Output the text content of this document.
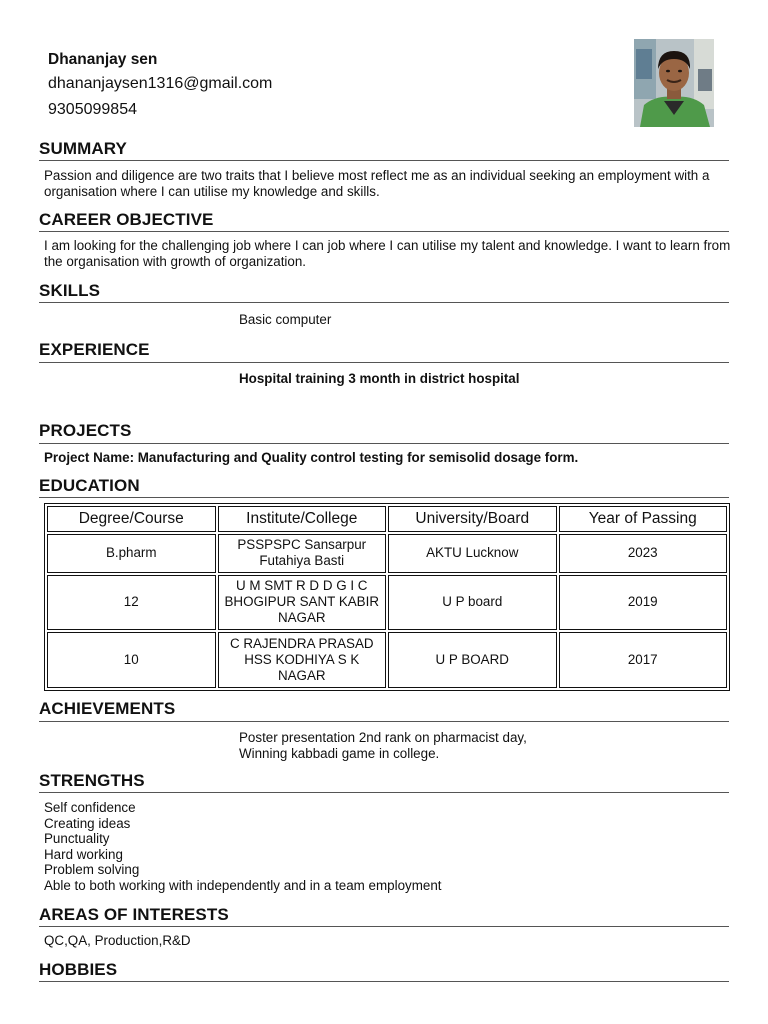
Dhananjay sen
dhananjaysen1316@gmail.com
9305099854
SUMMARY
Passion and diligence are two traits that I believe most reflect me as an individual seeking an employment with a organisation where I can utilise my knowledge and skills.
CAREER OBJECTIVE
I am looking for the challenging job where I can job where I can utilise my talent and knowledge. I want to learn from the organisation with growth of organization.
SKILLS
Basic computer
EXPERIENCE
Hospital training 3 month in district hospital
PROJECTS
Project Name: Manufacturing and Quality control testing for semisolid dosage form.
EDUCATION
Degree/Course	Institute/College	University/Board	Year of Passing
B.pharm	PSSPSPC Sansarpur Futahiya Basti	AKTU Lucknow	2023
12	U M SMT R D D G I C BHOGIPUR SANT KABIR NAGAR	U P board	2019
10	C RAJENDRA PRASAD HSS KODHIYA S K NAGAR	U P BOARD	2017
ACHIEVEMENTS
Poster presentation 2nd rank on pharmacist day,
Winning kabbadi game in college.
STRENGTHS
Self confidence
Creating ideas
Punctuality
Hard working
Problem solving
Able to both working with independently and in a team employment
AREAS OF INTERESTS
QC,QA, Production,R&D
HOBBIES
